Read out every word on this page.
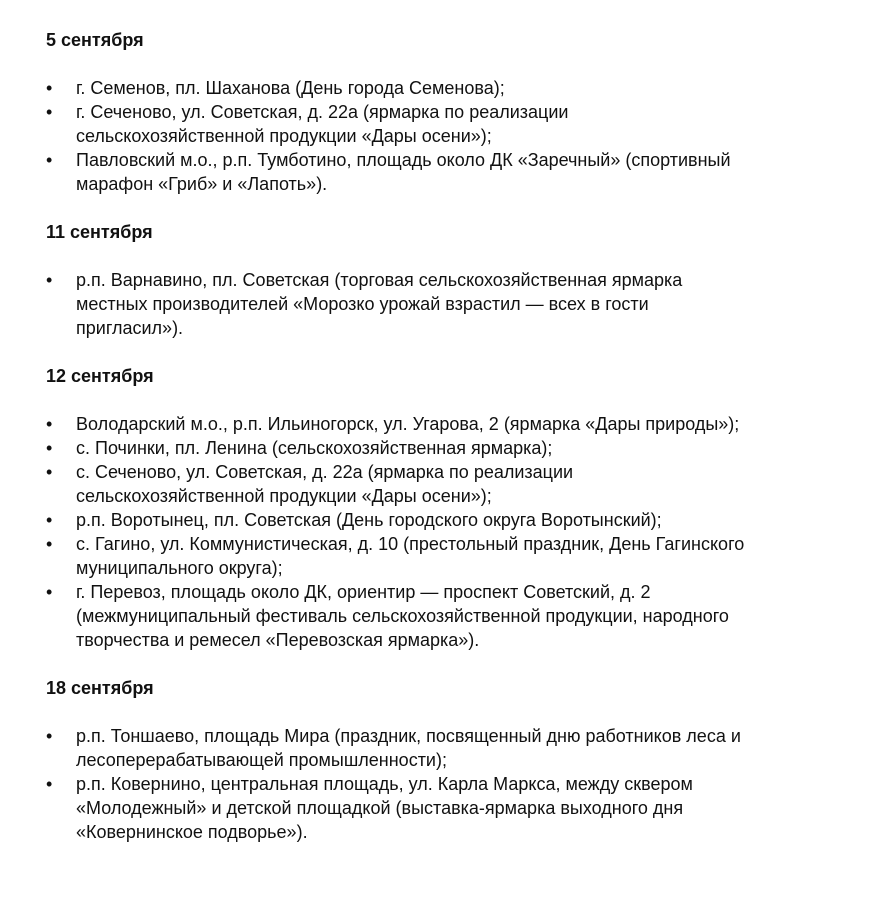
5 сентября
•	г. Семенов, пл. Шаханова (День города Семенова);
•	г. Сеченово, ул. Советская, д. 22а (ярмарка по реализации
сельскохозяйственной продукции «Дары осени»);
•	Павловский м.о., р.п. Тумботино, площадь около ДК «Заречный» (спортивный
марафон «Гриб» и «Лапоть»).
11 сентября
•	р.п. Варнавино, пл. Советская (торговая сельскохозяйственная ярмарка
местных производителей «Морозко урожай взрастил — всех в гости
пригласил»).
12 сентября
•	Володарский м.о., р.п. Ильиногорск, ул. Угарова, 2 (ярмарка «Дары природы»);
•	с. Починки, пл. Ленина (сельскохозяйственная ярмарка);
•	с. Сеченово, ул. Советская, д. 22а (ярмарка по реализации
сельскохозяйственной продукции «Дары осени»);
•	р.п. Воротынец, пл. Советская (День городского округа Воротынский);
•	с. Гагино, ул. Коммунистическая, д. 10 (престольный праздник, День Гагинского
муниципального округа);
•	г. Перевоз, площадь около ДК, ориентир — проспект Советский, д. 2
(межмуниципальный фестиваль сельскохозяйственной продукции, народного
творчества и ремесел «Перевозская ярмарка»).
18 сентября
•	р.п. Тоншаево, площадь Мира (праздник, посвященный дню работников леса и
лесоперерабатывающей промышленности);
•	р.п. Ковернино, центральная площадь, ул. Карла Маркса, между сквером
«Молодежный» и детской площадкой (выставка-ярмарка выходного дня
«Ковернинское подворье»).
